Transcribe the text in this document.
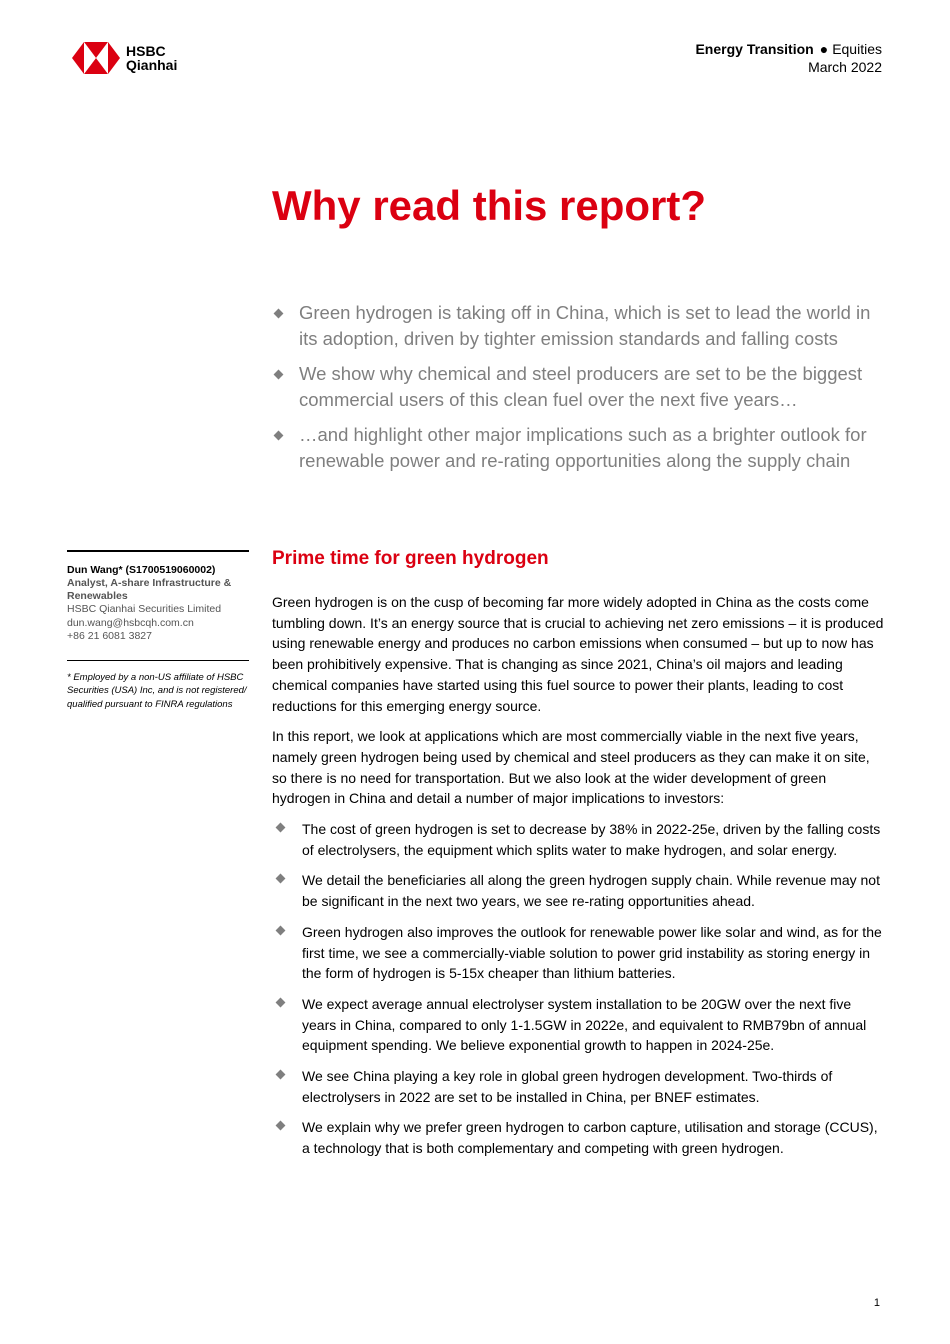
HSBC
Qianhai
Energy Transition ● Equities
March 2022
Why read this report?
Green hydrogen is taking off in China, which is set to lead the world in its adoption, driven by tighter emission standards and falling costs
We show why chemical and steel producers are set to be the biggest commercial users of this clean fuel over the next five years…
…and highlight other major implications such as a brighter outlook for renewable power and re-rating opportunities along the supply chain
Dun Wang* (S1700519060002)
Analyst, A-share Infrastructure & Renewables
HSBC Qianhai Securities Limited
dun.wang@hsbcqh.com.cn
+86 21 6081 3827
* Employed by a non-US affiliate of HSBC Securities (USA) Inc, and is not registered/ qualified pursuant to FINRA regulations
Prime time for green hydrogen

Green hydrogen is on the cusp of becoming far more widely adopted in China as the costs come tumbling down. It’s an energy source that is crucial to achieving net zero emissions – it is produced using renewable energy and produces no carbon emissions when consumed – but up to now has been prohibitively expensive. That is changing as since 2021, China’s oil majors and leading chemical companies have started using this fuel source to power their plants, leading to cost reductions for this emerging energy source.

In this report, we look at applications which are most commercially viable in the next five years, namely green hydrogen being used by chemical and steel producers as they can make it on site, so there is no need for transportation. But we also look at the wider development of green hydrogen in China and detail a number of major implications to investors:

The cost of green hydrogen is set to decrease by 38% in 2022-25e, driven by the falling costs of electrolysers, the equipment which splits water to make hydrogen, and solar energy.
We detail the beneficiaries all along the green hydrogen supply chain. While revenue may not be significant in the next two years, we see re-rating opportunities ahead.
Green hydrogen also improves the outlook for renewable power like solar and wind, as for the first time, we see a commercially-viable solution to power grid instability as storing energy in the form of hydrogen is 5-15x cheaper than lithium batteries.
We expect average annual electrolyser system installation to be 20GW over the next five years in China, compared to only 1-1.5GW in 2022e, and equivalent to RMB79bn of annual equipment spending. We believe exponential growth to happen in 2024-25e.
We see China playing a key role in global green hydrogen development. Two-thirds of electrolysers in 2022 are set to be installed in China, per BNEF estimates.
We explain why we prefer green hydrogen to carbon capture, utilisation and storage (CCUS), a technology that is both complementary and competing with green hydrogen.
1
